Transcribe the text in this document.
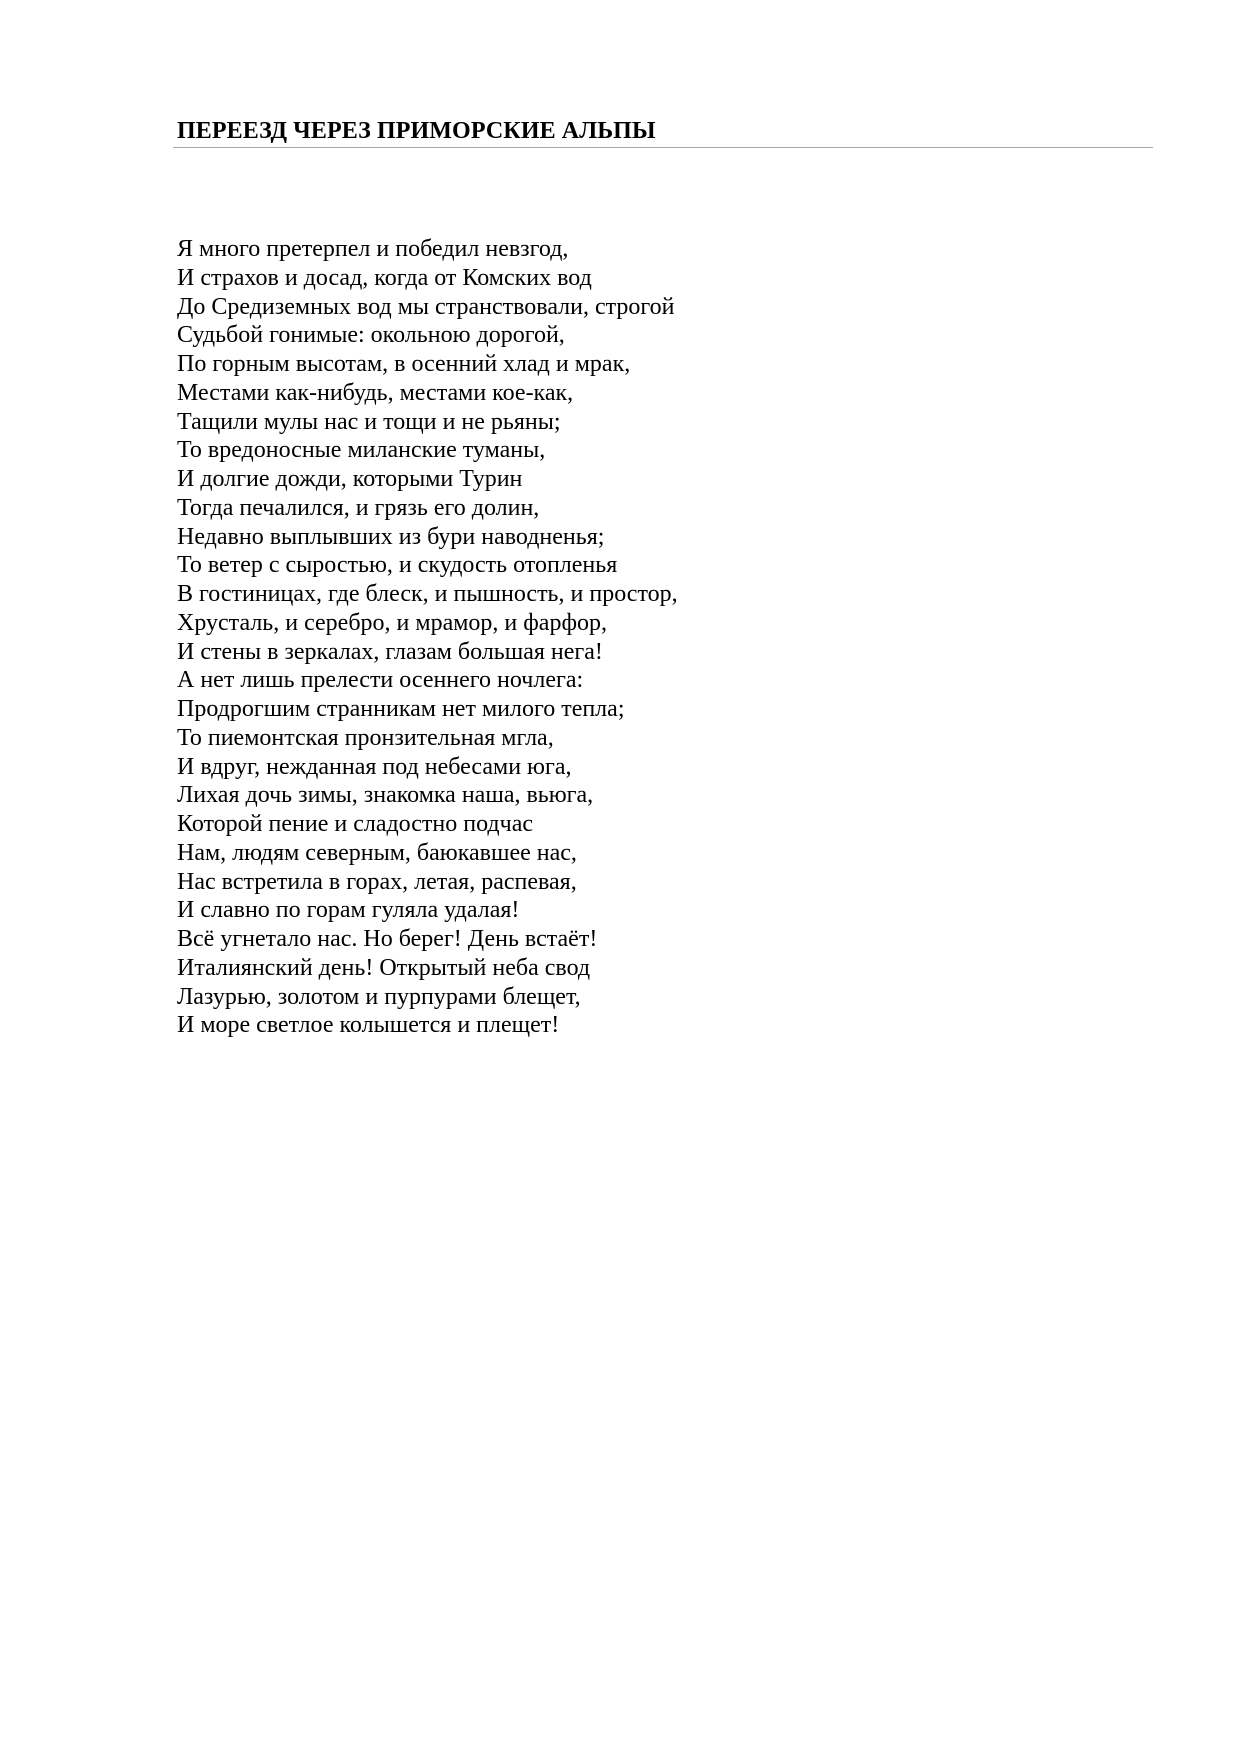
ПЕРЕЕЗД ЧЕРЕЗ ПРИМОРСКИЕ АЛЬПЫ
Я много претерпел и победил невзгод,
И страхов и досад, когда от Комских вод
До Средиземных вод мы странствовали, строгой
Судьбой гонимые: окольною дорогой,
По горным высотам, в осенний хлад и мрак,
Местами как-нибудь, местами кое-как,
Тащили мулы нас и тощи и не рьяны;
То вредоносные миланские туманы,
И долгие дожди, которыми Турин
Тогда печалился, и грязь его долин,
Недавно выплывших из бури наводненья;
То ветер с сыростью, и скудость отопленья
В гостиницах, где блеск, и пышность, и простор,
Хрусталь, и серебро, и мрамор, и фарфор,
И стены в зеркалах, глазам большая нега!
А нет лишь прелести осеннего ночлега:
Продрогшим странникам нет милого тепла;
То пиемонтская пронзительная мгла,
И вдруг, нежданная под небесами юга,
Лихая дочь зимы, знакомка наша, вьюга,
Которой пение и сладостно подчас
Нам, людям северным, баюкавшее нас,
Нас встретила в горах, летая, распевая,
И славно по горам гуляла удалая!
Всё угнетало нас. Но берег! День встаёт!
Италиянский день! Открытый неба свод
Лазурью, золотом и пурпурами блещет,
И море светлое колышется и плещет!
